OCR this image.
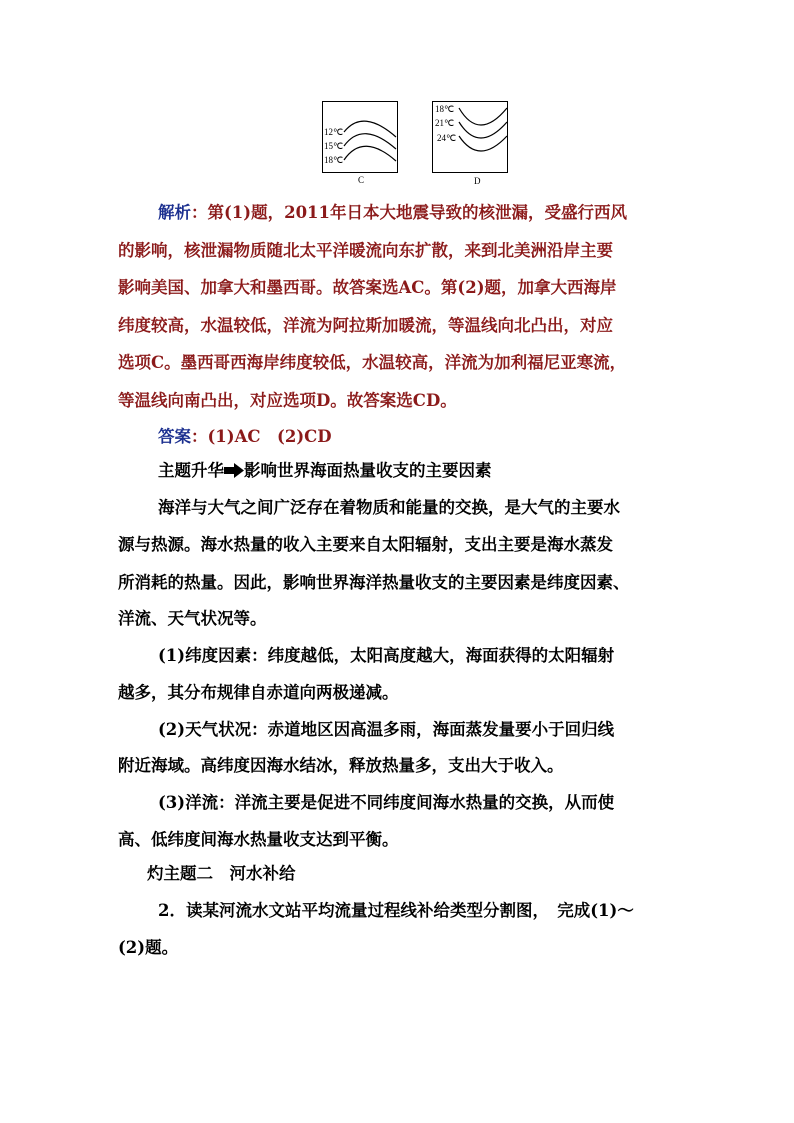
12℃
15℃
18℃
18℃
21℃
24℃
C	D
解析：第(1)题，2011年日本大地震导致的核泄漏，受盛行西风
的影响，核泄漏物质随北太平洋暖流向东扩散，来到北美洲沿岸主要
影响美国、加拿大和墨西哥。故答案选AC。第(2)题，加拿大西海岸
纬度较高，水温较低，洋流为阿拉斯加暖流，等温线向北凸出，对应
选项C。墨西哥西海岸纬度较低，水温较高，洋流为加利福尼亚寒流，
等温线向南凸出，对应选项D。故答案选CD。
答案：(1)AC　(2)CD
主题升华 影响世界海面热量收支的主要因素
海洋与大气之间广泛存在着物质和能量的交换，是大气的主要水
源与热源。海水热量的收入主要来自太阳辐射，支出主要是海水蒸发
所消耗的热量。因此，影响世界海洋热量收支的主要因素是纬度因素、
洋流、天气状况等。
(1)纬度因素：纬度越低，太阳高度越大，海面获得的太阳辐射
越多，其分布规律自赤道向两极递减。
(2)天气状况：赤道地区因高温多雨，海面蒸发量要小于回归线
附近海域。高纬度因海水结冰，释放热量多，支出大于收入。
(3)洋流：洋流主要是促进不同纬度间海水热量的交换，从而使
高、低纬度间海水热量收支达到平衡。
灼主题二　河水补给
2．读某河流水文站平均流量过程线补给类型分割图，　完成(1)～
(2)题。
